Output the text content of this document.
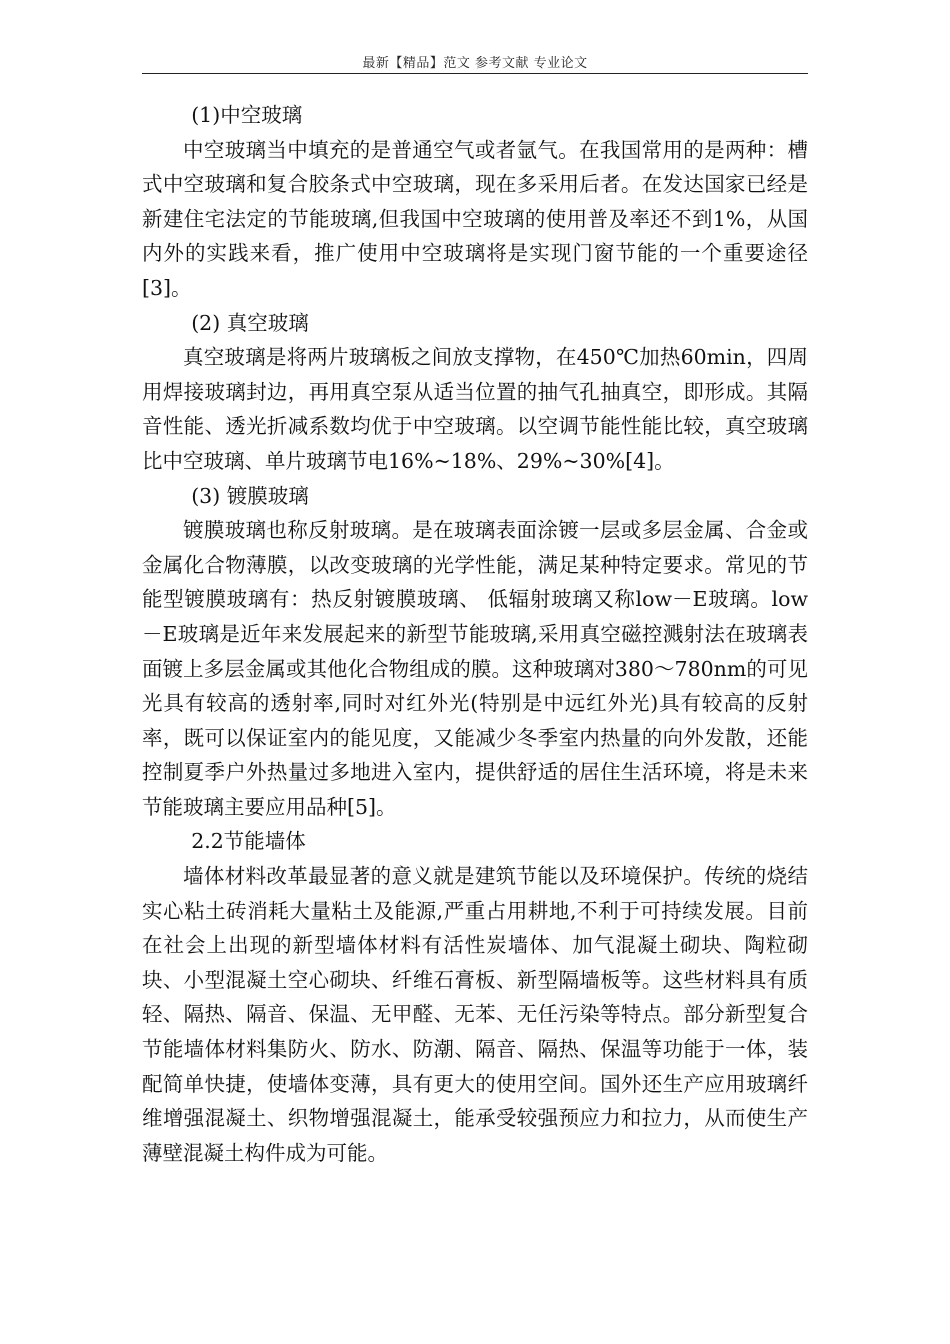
最新【精品】范文 参考文献 专业论文

(1)中空玻璃

中空玻璃当中填充的是普通空气或者氩气。在我国常用的是两种：槽式中空玻璃和复合胶条式中空玻璃，现在多采用后者。在发达国家已经是新建住宅法定的节能玻璃,但我国中空玻璃的使用普及率还不到1%，从国内外的实践来看，推广使用中空玻璃将是实现门窗节能的一个重要途径[3]。

(2) 真空玻璃

真空玻璃是将两片玻璃板之间放支撑物，在450℃加热60min，四周用焊接玻璃封边，再用真空泵从适当位置的抽气孔抽真空，即形成。其隔音性能、透光折减系数均优于中空玻璃。以空调节能性能比较，真空玻璃比中空玻璃、单片玻璃节电16%~18%、29%~30%[4]。

(3) 镀膜玻璃

镀膜玻璃也称反射玻璃。是在玻璃表面涂镀一层或多层金属、合金或金属化合物薄膜，以改变玻璃的光学性能，满足某种特定要求。常见的节能型镀膜玻璃有：热反射镀膜玻璃、 低辐射玻璃又称low－E玻璃。low－E玻璃是近年来发展起来的新型节能玻璃,采用真空磁控溅射法在玻璃表面镀上多层金属或其他化合物组成的膜。这种玻璃对380～780nm的可见光具有较高的透射率,同时对红外光(特别是中远红外光)具有较高的反射率，既可以保证室内的能见度，又能减少冬季室内热量的向外发散，还能控制夏季户外热量过多地进入室内，提供舒适的居住生活环境，将是未来节能玻璃主要应用品种[5]。

2.2节能墙体

墙体材料改革最显著的意义就是建筑节能以及环境保护。传统的烧结实心粘土砖消耗大量粘土及能源,严重占用耕地,不利于可持续发展。目前在社会上出现的新型墙体材料有活性炭墙体、加气混凝土砌块、陶粒砌块、小型混凝土空心砌块、纤维石膏板、新型隔墙板等。这些材料具有质轻、隔热、隔音、保温、无甲醛、无苯、无任污染等特点。部分新型复合节能墙体材料集防火、防水、防潮、隔音、隔热、保温等功能于一体，装配简单快捷，使墙体变薄，具有更大的使用空间。国外还生产应用玻璃纤维增强混凝土、织物增强混凝土，能承受较强预应力和拉力，从而使生产薄壁混凝土构件成为可能。
